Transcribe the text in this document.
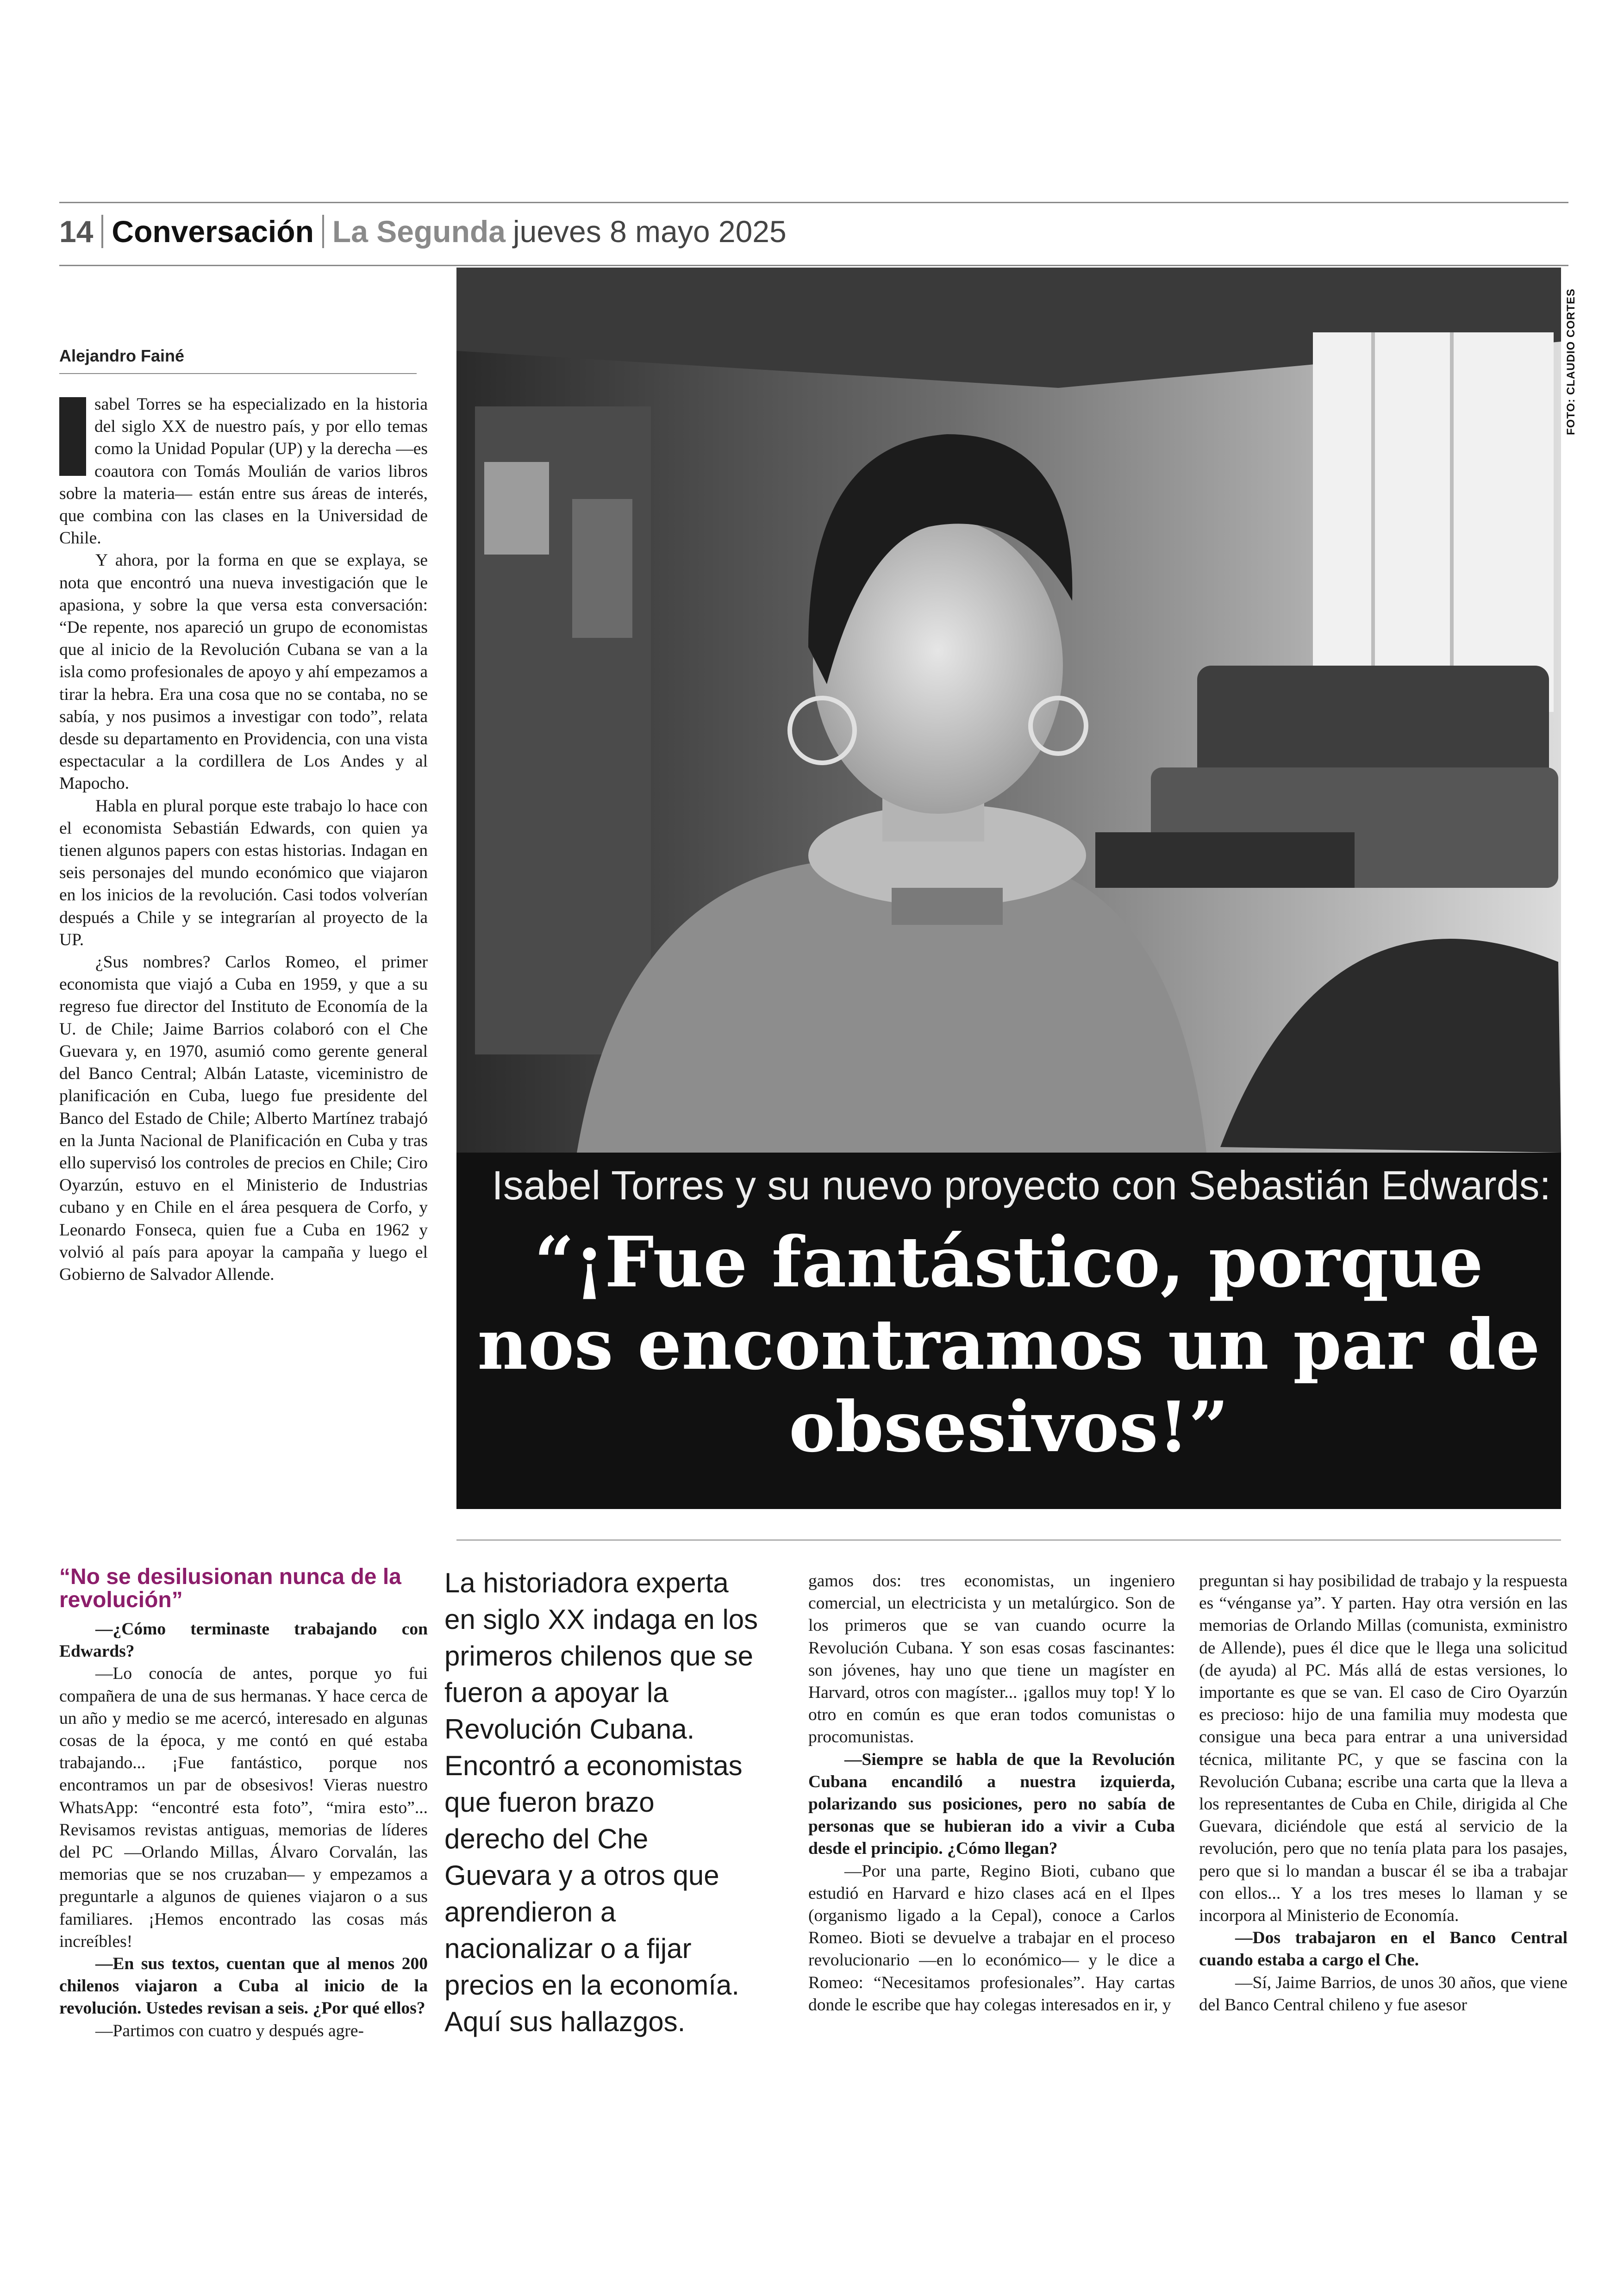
14 Conversación La Segunda jueves 8 mayo 2025
Alejandro Fainé

sabel Torres se ha especializado en la historia del siglo XX de nuestro país, y por ello temas como la Unidad Popular (UP) y la derecha —es coautora con Tomás Moulián de varios libros sobre la materia— están entre sus áreas de interés, que combina con las clases en la Universidad de Chile.

Y ahora, por la forma en que se explaya, se nota que encontró una nueva investigación que le apasiona, y sobre la que versa esta conversación: “De repente, nos apareció un grupo de economistas que al inicio de la Revolución Cubana se van a la isla como profesionales de apoyo y ahí empezamos a tirar la hebra. Era una cosa que no se contaba, no se sabía, y nos pusimos a investigar con todo”, relata desde su departamento en Providencia, con una vista espectacular a la cordillera de Los Andes y al Mapocho.

Habla en plural porque este trabajo lo hace con el economista Sebastián Edwards, con quien ya tienen algunos papers con estas historias. Indagan en seis personajes del mundo económico que viajaron en los inicios de la revolución. Casi todos volverían después a Chile y se integrarían al proyecto de la UP.

¿Sus nombres? Carlos Romeo, el primer economista que viajó a Cuba en 1959, y que a su regreso fue director del Instituto de Economía de la U. de Chile; Jaime Barrios colaboró con el Che Guevara y, en 1970, asumió como gerente general del Banco Central; Albán Lataste, viceministro de planificación en Cuba, luego fue presidente del Banco del Estado de Chile; Alberto Martínez trabajó en la Junta Nacional de Planificación en Cuba y tras ello supervisó los controles de precios en Chile; Ciro Oyarzún, estuvo en el Ministerio de Industrias cubano y en Chile en el área pesquera de Corfo, y Leonardo Fonseca, quien fue a Cuba en 1962 y volvió al país para apoyar la campaña y luego el Gobierno de Salvador Allende.

FOTO: CLAUDIO CORTES
Isabel Torres y su nuevo proyecto con Sebastián Edwards:
“¡Fue fantástico, porque nos encontramos un par de obsesivos!”
“No se desilusionan nunca de la revolución”

—¿Cómo terminaste trabajando con Edwards?

—Lo conocía de antes, porque yo fui compañera de una de sus hermanas. Y hace cerca de un año y medio se me acercó, interesado en algunas cosas de la época, y me contó en qué estaba trabajando... ¡Fue fantástico, porque nos encontramos un par de obsesivos! Vieras nuestro WhatsApp: “encontré esta foto”, “mira esto”... Revisamos revistas antiguas, memorias de líderes del PC —Orlando Millas, Álvaro Corvalán, las memorias que se nos cruzaban— y empezamos a preguntarle a algunos de quienes viajaron o a sus familiares. ¡Hemos encontrado las cosas más increíbles!

—En sus textos, cuentan que al menos 200 chilenos viajaron a Cuba al inicio de la revolución. Ustedes revisan a seis. ¿Por qué ellos?

—Partimos con cuatro y después agre-

La historiadora experta en siglo XX indaga en los primeros chilenos que se fueron a apoyar la Revolución Cubana. Encontró a economistas que fueron brazo derecho del Che Guevara y a otros que aprendieron a nacionalizar o a fijar precios en la economía. Aquí sus hallazgos.

gamos dos: tres economistas, un ingeniero comercial, un electricista y un metalúrgico. Son de los primeros que se van cuando ocurre la Revolución Cubana. Y son esas cosas fascinantes: son jóvenes, hay uno que tiene un magíster en Harvard, otros con magíster... ¡gallos muy top! Y lo otro en común es que eran todos comunistas o procomunistas.

—Siempre se habla de que la Revolución Cubana encandiló a nuestra izquierda, polarizando sus posiciones, pero no sabía de personas que se hubieran ido a vivir a Cuba desde el principio. ¿Cómo llegan?

—Por una parte, Regino Bioti, cubano que estudió en Harvard e hizo clases acá en el Ilpes (organismo ligado a la Cepal), conoce a Carlos Romeo. Bioti se devuelve a trabajar en el proceso revolucionario —en lo económico— y le dice a Romeo: “Necesitamos profesionales”. Hay cartas donde le escribe que hay colegas interesados en ir, y

preguntan si hay posibilidad de trabajo y la respuesta es “vénganse ya”. Y parten. Hay otra versión en las memorias de Orlando Millas (comunista, exministro de Allende), pues él dice que le llega una solicitud (de ayuda) al PC. Más allá de estas versiones, lo importante es que se van. El caso de Ciro Oyarzún es precioso: hijo de una familia muy modesta que consigue una beca para entrar a una universidad técnica, militante PC, y que se fascina con la Revolución Cubana; escribe una carta que la lleva a los representantes de Cuba en Chile, dirigida al Che Guevara, diciéndole que está al servicio de la revolución, pero que no tenía plata para los pasajes, pero que si lo mandan a buscar él se iba a trabajar con ellos... Y a los tres meses lo llaman y se incorpora al Ministerio de Economía.

—Dos trabajaron en el Banco Central cuando estaba a cargo el Che.

—Sí, Jaime Barrios, de unos 30 años, que viene del Banco Central chileno y fue asesor
